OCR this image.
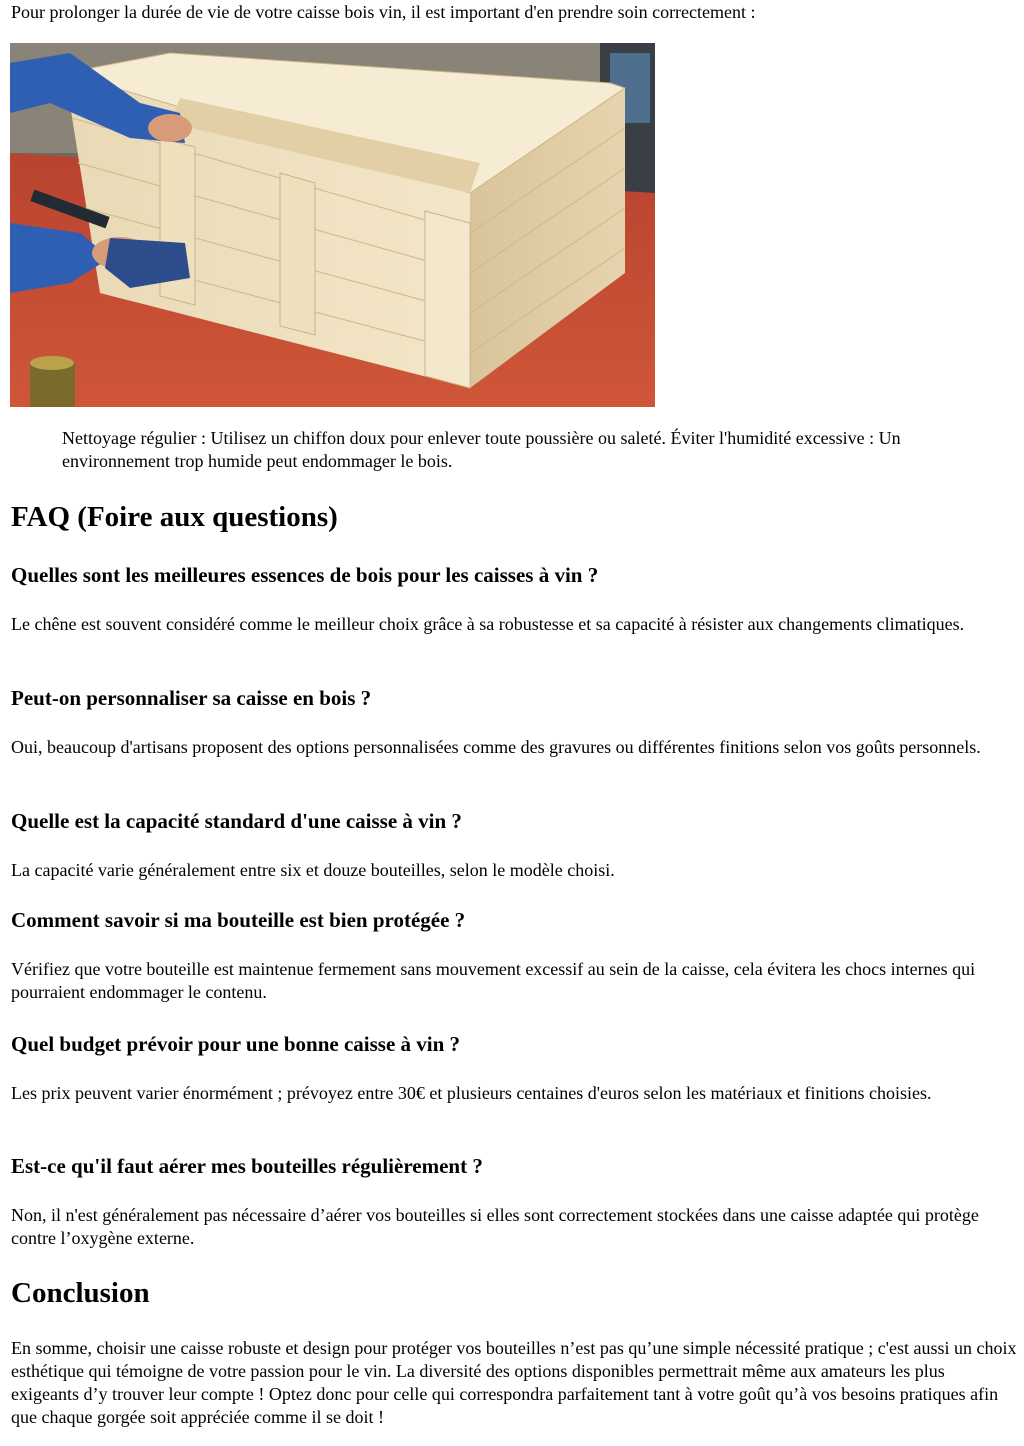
Pour prolonger la durée de vie de votre caisse bois vin, il est important d'en prendre soin correctement :

Nettoyage régulier : Utilisez un chiffon doux pour enlever toute poussière ou saleté. Éviter l'humidité excessive : Un environnement trop humide peut endommager le bois.

FAQ (Foire aux questions)
Quelles sont les meilleures essences de bois pour les caisses à vin ?

Le chêne est souvent considéré comme le meilleur choix grâce à sa robustesse et sa capacité à résister aux changements climatiques.

Peut-on personnaliser sa caisse en bois ?

Oui, beaucoup d'artisans proposent des options personnalisées comme des gravures ou différentes finitions selon vos goûts personnels.

Quelle est la capacité standard d'une caisse à vin ?

La capacité varie généralement entre six et douze bouteilles, selon le modèle choisi.

Comment savoir si ma bouteille est bien protégée ?

Vérifiez que votre bouteille est maintenue fermement sans mouvement excessif au sein de la caisse, cela évitera les chocs internes qui pourraient endommager le contenu.

Quel budget prévoir pour une bonne caisse à vin ?

Les prix peuvent varier énormément ; prévoyez entre 30€ et plusieurs centaines d'euros selon les matériaux et finitions choisies.

Est-ce qu'il faut aérer mes bouteilles régulièrement ?

Non, il n'est généralement pas nécessaire d’aérer vos bouteilles si elles sont correctement stockées dans une caisse adaptée qui protège contre l’oxygène externe.

Conclusion

En somme, choisir une caisse robuste et design pour protéger vos bouteilles n’est pas qu’une simple nécessité pratique ; c'est aussi un choix esthétique qui témoigne de votre passion pour le vin. La diversité des options disponibles permettrait même aux amateurs les plus exigeants d’y trouver leur compte ! Optez donc pour celle qui correspondra parfaitement tant à votre goût qu’à vos besoins pratiques afin que chaque gorgée soit appréciée comme il se doit !
